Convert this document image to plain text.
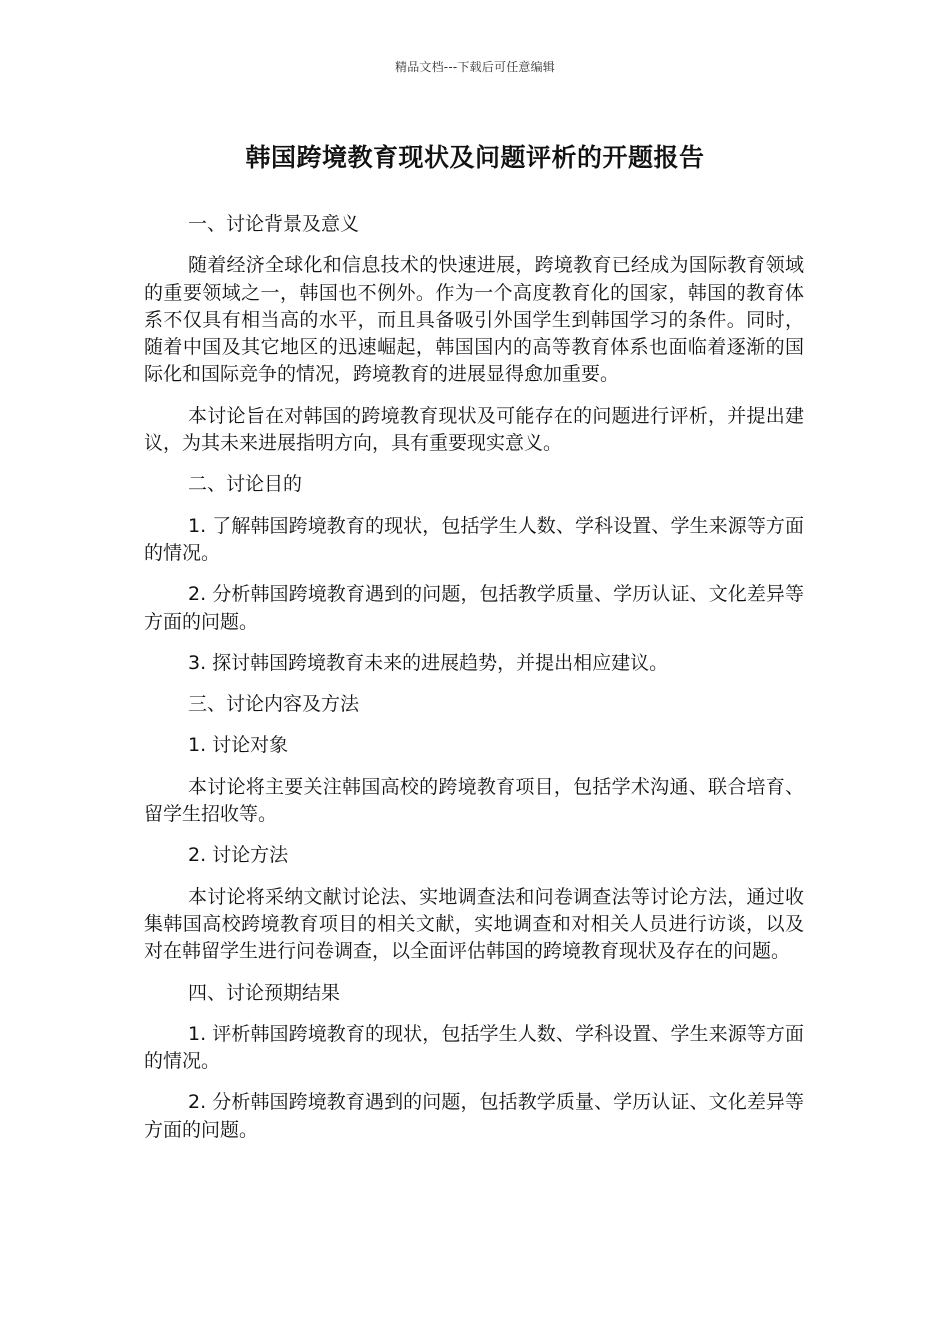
精品文档---下载后可任意编辑
韩国跨境教育现状及问题评析的开题报告

一、讨论背景及意义

随着经济全球化和信息技术的快速进展，跨境教育已经成为国际教育领域的重要领域之一，韩国也不例外。作为一个高度教育化的国家，韩国的教育体系不仅具有相当高的水平，而且具备吸引外国学生到韩国学习的条件。同时，随着中国及其它地区的迅速崛起，韩国国内的高等教育体系也面临着逐渐的国际化和国际竞争的情况，跨境教育的进展显得愈加重要。

本讨论旨在对韩国的跨境教育现状及可能存在的问题进行评析，并提出建议，为其未来进展指明方向，具有重要现实意义。

二、讨论目的

1. 了解韩国跨境教育的现状，包括学生人数、学科设置、学生来源等方面的情况。

2. 分析韩国跨境教育遇到的问题，包括教学质量、学历认证、文化差异等方面的问题。

3. 探讨韩国跨境教育未来的进展趋势，并提出相应建议。

三、讨论内容及方法

1. 讨论对象

本讨论将主要关注韩国高校的跨境教育项目，包括学术沟通、联合培育、留学生招收等。

2. 讨论方法

本讨论将采纳文献讨论法、实地调查法和问卷调查法等讨论方法，通过收集韩国高校跨境教育项目的相关文献，实地调查和对相关人员进行访谈，以及对在韩留学生进行问卷调查，以全面评估韩国的跨境教育现状及存在的问题。

四、讨论预期结果

1. 评析韩国跨境教育的现状，包括学生人数、学科设置、学生来源等方面的情况。

2. 分析韩国跨境教育遇到的问题，包括教学质量、学历认证、文化差异等方面的问题。
